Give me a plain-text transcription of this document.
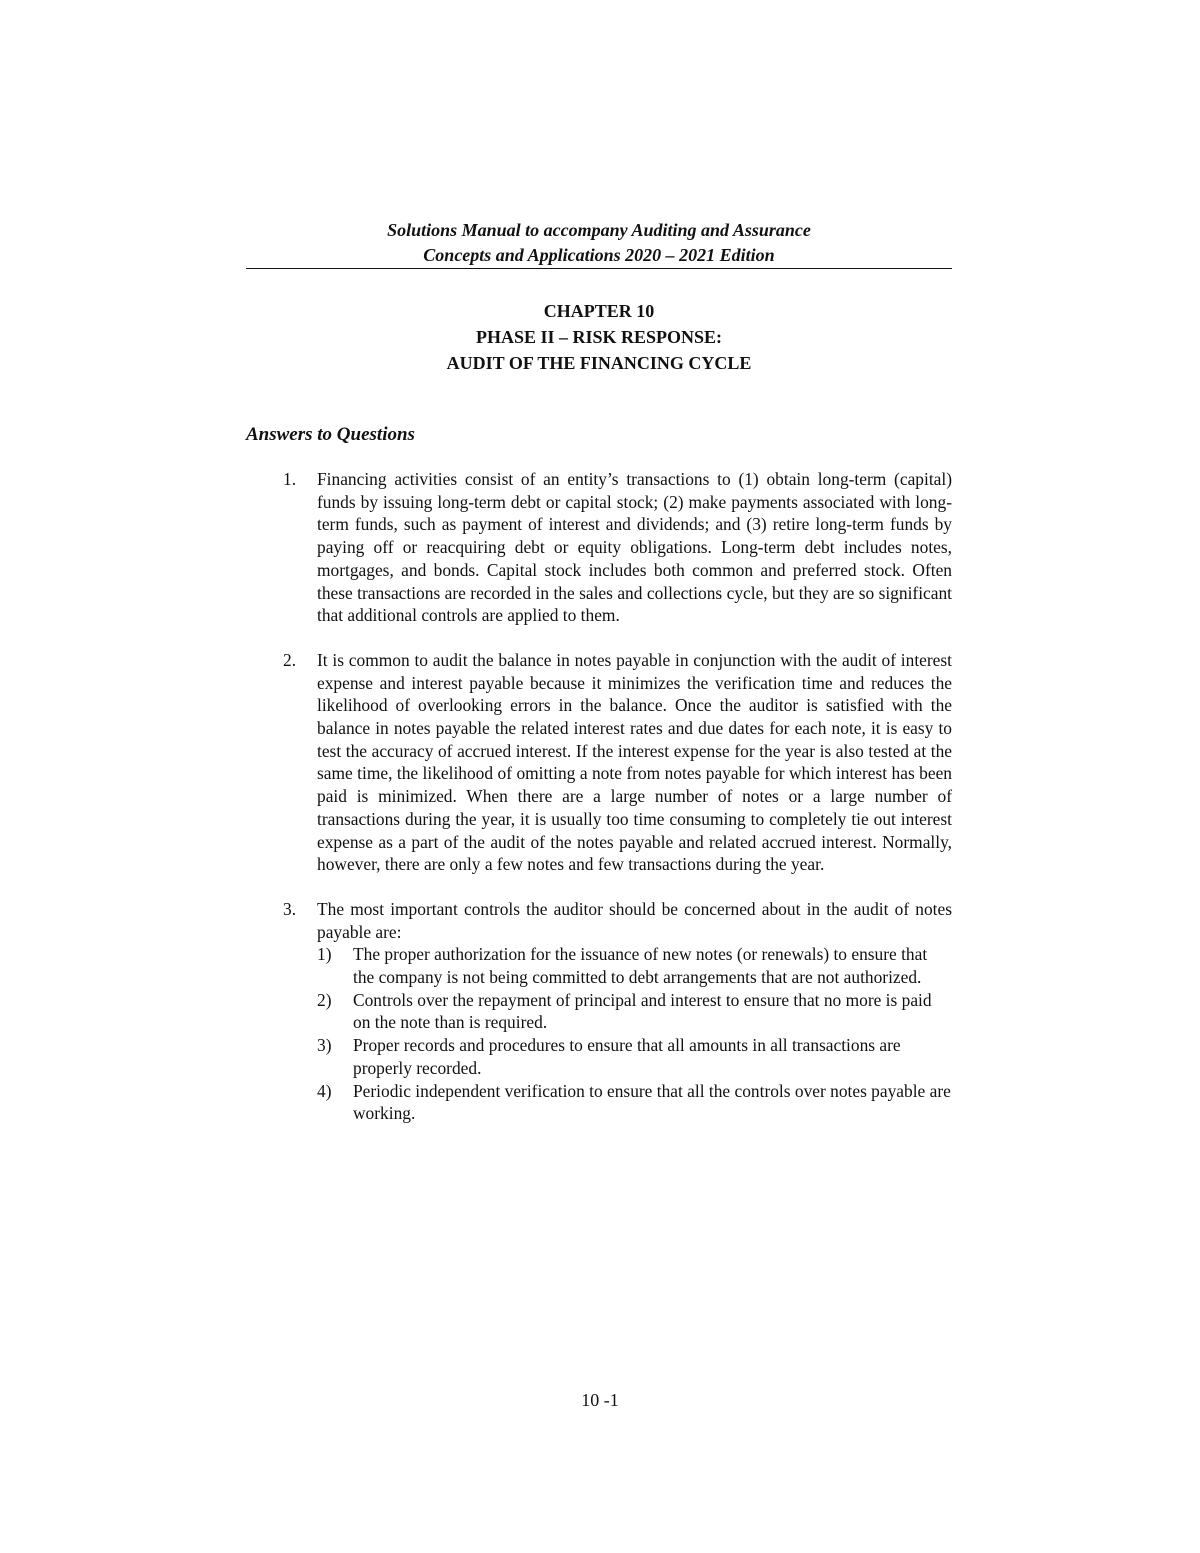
Solutions Manual to accompany Auditing and Assurance
Concepts and Applications 2020 – 2021 Edition
CHAPTER 10
PHASE II – RISK RESPONSE:
AUDIT OF THE FINANCING CYCLE
Answers to Questions
1. Financing activities consist of an entity’s transactions to (1) obtain long-term (capital) funds by issuing long-term debt or capital stock; (2) make payments associated with long-term funds, such as payment of interest and dividends; and (3) retire long-term funds by paying off or reacquiring debt or equity obligations. Long-term debt includes notes, mortgages, and bonds. Capital stock includes both common and preferred stock. Often these transactions are recorded in the sales and collections cycle, but they are so significant that additional controls are applied to them.
2. It is common to audit the balance in notes payable in conjunction with the audit of interest expense and interest payable because it minimizes the verification time and reduces the likelihood of overlooking errors in the balance. Once the auditor is satisfied with the balance in notes payable the related interest rates and due dates for each note, it is easy to test the accuracy of accrued interest. If the interest expense for the year is also tested at the same time, the likelihood of omitting a note from notes payable for which interest has been paid is minimized. When there are a large number of notes or a large number of transactions during the year, it is usually too time consuming to completely tie out interest expense as a part of the audit of the notes payable and related accrued interest. Normally, however, there are only a few notes and few transactions during the year.
3. The most important controls the auditor should be concerned about in the audit of notes payable are:
1) The proper authorization for the issuance of new notes (or renewals) to ensure that the company is not being committed to debt arrangements that are not authorized.
2) Controls over the repayment of principal and interest to ensure that no more is paid on the note than is required.
3) Proper records and procedures to ensure that all amounts in all transactions are properly recorded.
4) Periodic independent verification to ensure that all the controls over notes payable are working.
10 -1
